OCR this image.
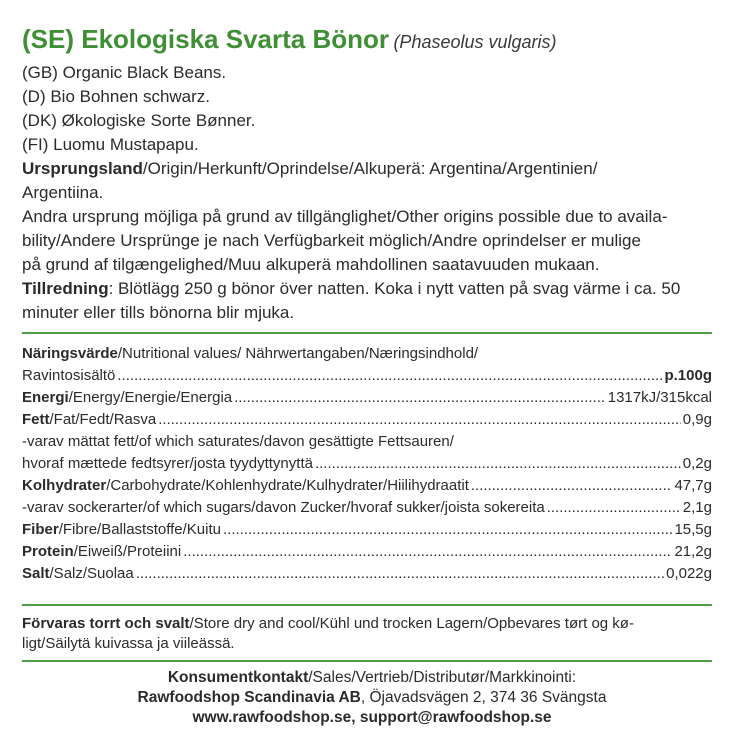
(SE) Ekologiska Svarta Bönor (Phaseolus vulgaris)
(GB) Organic Black Beans.
(D) Bio Bohnen schwarz.
(DK) Økologiske Sorte Bønner.
(FI) Luomu Mustapapu.
Ursprungsland/Origin/Herkunft/Oprindelse/Alkuperä: Argentina/Argentinien/
Argentiina.
Andra ursprung möjliga på grund av tillgänglighet/Other origins possible due to availa-
bility/Andere Ursprünge je nach Verfügbarkeit möglich/Andre oprindelser er mulige
på grund af tilgængelighed/Muu alkuperä mahdollinen saatavuuden mukaan.
Tillredning: Blötlägg 250 g bönor över natten. Koka i nytt vatten på svag värme i ca. 50
minuter eller tills bönorna blir mjuka.
Näringsvärde/Nutritional values/ Nährwertangaben/Næringsindhold/
Ravintosisältö .....	p.100g
Energi/Energy/Energie/Energia .....	1317kJ/315kcal
Fett/Fat/Fedt/Rasva .....	0,9g
-varav mättat fett/of which saturates/davon gesättigte Fettsauren/
hvoraf mættede fedtsyrer/josta tyydyttynyttä .....	0,2g
Kolhydrater/Carbohydrate/Kohlenhydrate/Kulhydrater/Hiilihydraatit .....	47,7g
-varav sockerarter/of which sugars/davon Zucker/hvoraf sukker/joista sokereita .....	2,1g
Fiber/Fibre/Ballaststoffe/Kuitu .....	15,5g
Protein/Eiweiß/Proteiini .....	21,2g
Salt/Salz/Suolaa .....	0,022g
Förvaras torrt och svalt/Store dry and cool/Kühl und trocken Lagern/Opbevares tørt og kø-
ligt/Säilytä kuivassa ja viileässä.
Konsumentkontakt/Sales/Vertrieb/Distributør/Markkinointi:
Rawfoodshop Scandinavia AB, Öjavadsvägen 2, 374 36 Svängsta
www.rawfoodshop.se, support@rawfoodshop.se
